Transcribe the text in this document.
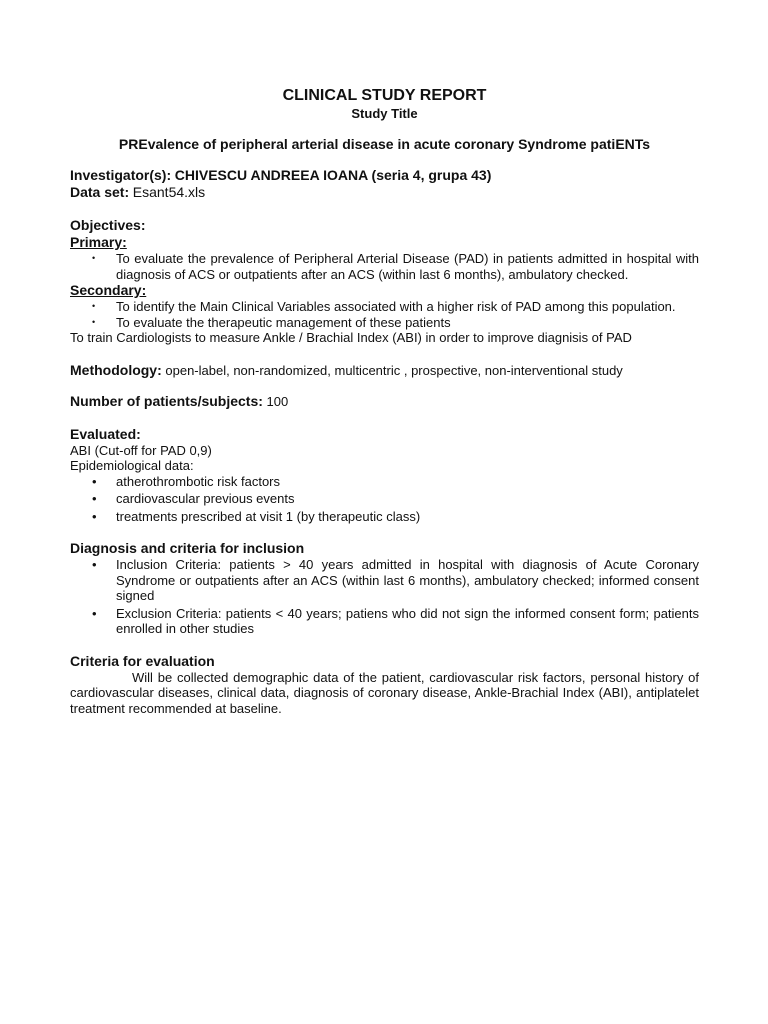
CLINICAL STUDY REPORT

Study Title

PREvalence of peripheral arterial disease in acute coronary Syndrome patiENTs

Investigator(s): CHIVESCU ANDREEA IOANA (seria 4, grupa 43)

Data set: Esant54.xls

Objectives:

Primary:

• To evaluate the prevalence of Peripheral Arterial Disease (PAD) in patients admitted in hospital with diagnosis of ACS or outpatients after an ACS (within last 6 months), ambulatory checked.

Secondary:

• To identify the Main Clinical Variables associated with a higher risk of PAD among this population.
• To evaluate the therapeutic management of these patients

To train Cardiologists to measure Ankle / Brachial Index (ABI) in order to improve diagnisis of PAD

Methodology: open-label, non-randomized, multicentric , prospective, non-interventional study

Number of patients/subjects: 100

Evaluated:

ABI (Cut-off for PAD 0,9)

Epidemiological data:

• atherothrombotic risk factors
• cardiovascular previous events
• treatments prescribed at visit 1 (by therapeutic class)

Diagnosis and criteria for inclusion

• Inclusion Criteria: patients > 40 years admitted in hospital with diagnosis of Acute Coronary Syndrome or outpatients after an ACS (within last 6 months), ambulatory checked; informed consent signed
• Exclusion Criteria: patients < 40 years; patiens who did not sign the informed consent form; patients enrolled in other studies

Criteria for evaluation

Will be collected demographic data of the patient, cardiovascular risk factors, personal history of cardiovascular diseases, clinical data, diagnosis of coronary disease, Ankle-Brachial Index (ABI), antiplatelet treatment recommended at baseline.
